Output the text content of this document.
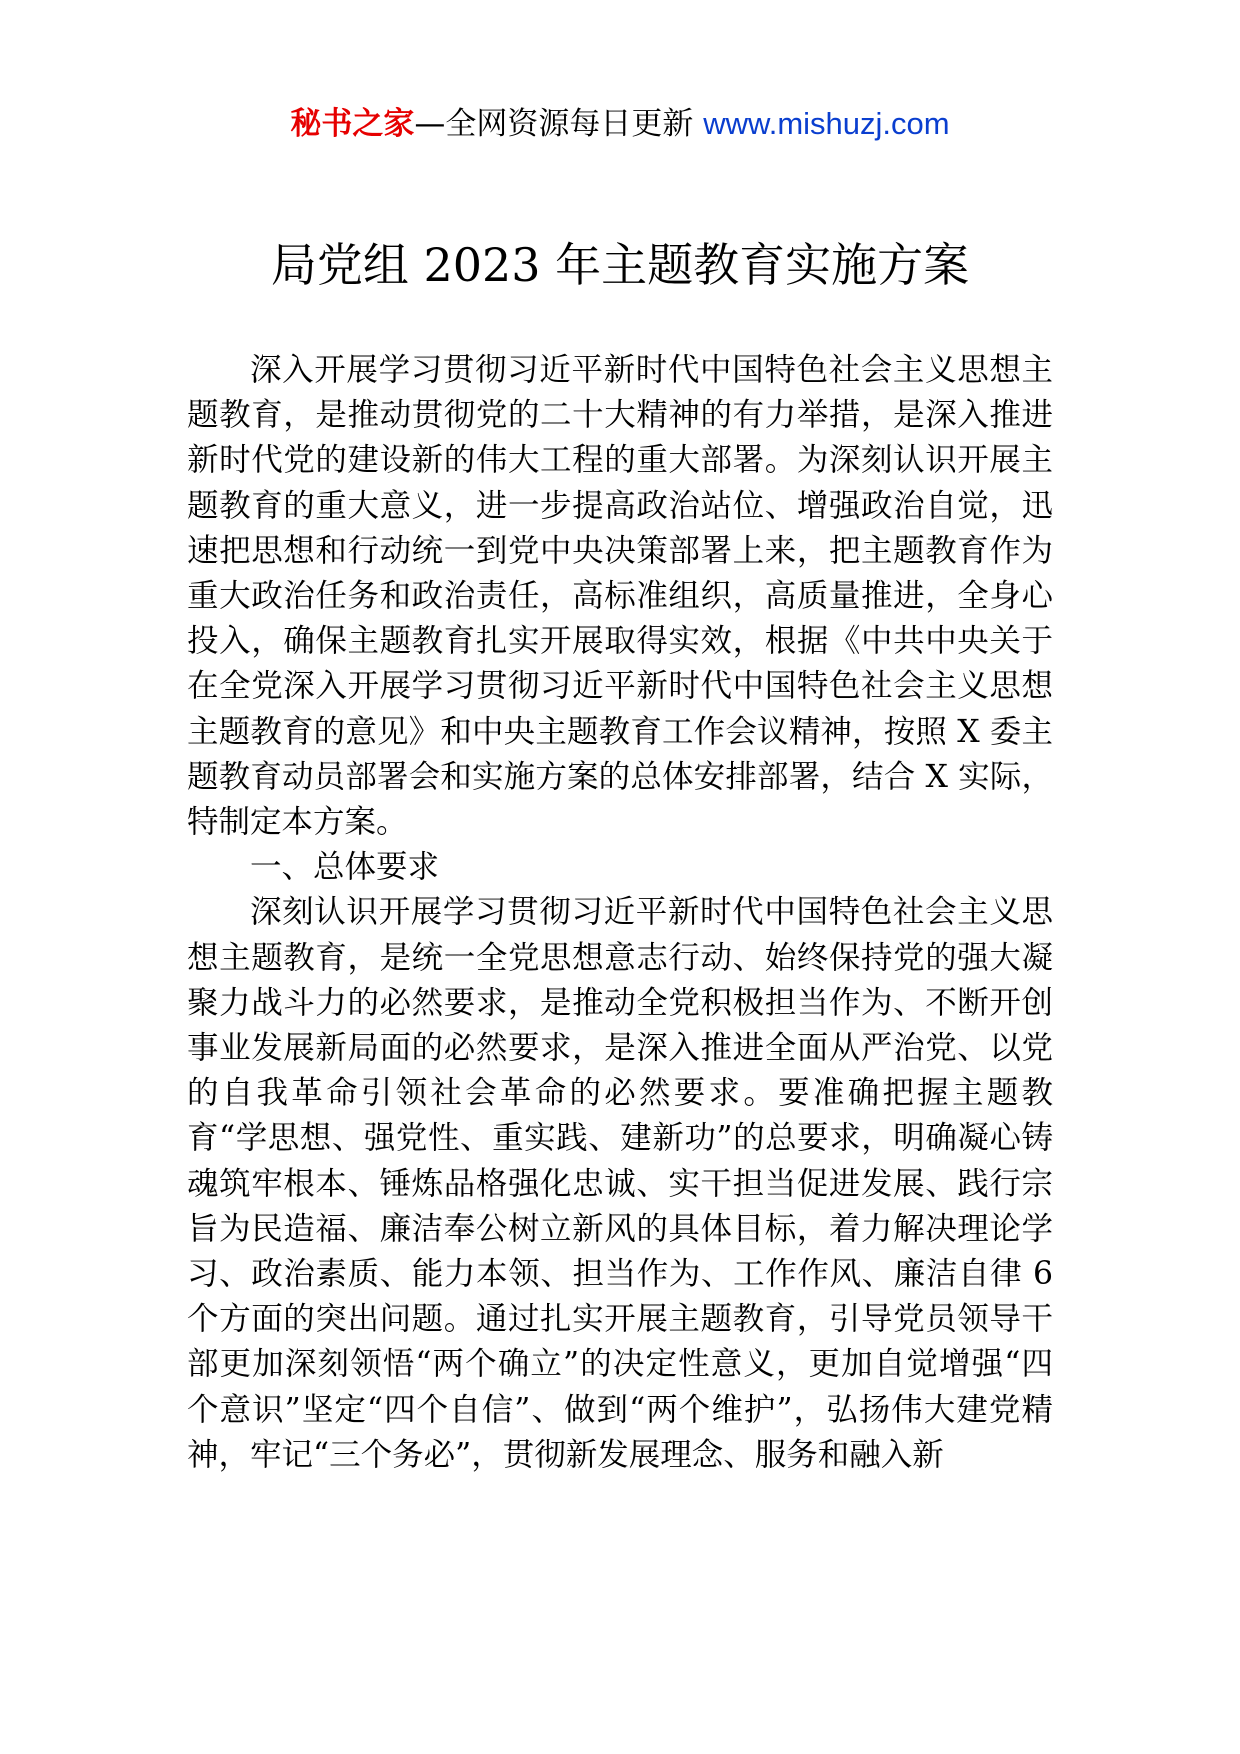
秘书之家—全网资源每日更新 www.mishuzj.com
局党组 2023 年主题教育实施方案

深入开展学习贯彻习近平新时代中国特色社会主义思想主题教育，是推动贯彻党的二十大精神的有力举措，是深入推进新时代党的建设新的伟大工程的重大部署。为深刻认识开展主题教育的重大意义，进一步提高政治站位、增强政治自觉，迅速把思想和行动统一到党中央决策部署上来，把主题教育作为重大政治任务和政治责任，高标准组织，高质量推进，全身心投入，确保主题教育扎实开展取得实效，根据《中共中央关于在全党深入开展学习贯彻习近平新时代中国特色社会主义思想主题教育的意见》和中央主题教育工作会议精神，按照 X 委主题教育动员部署会和实施方案的总体安排部署，结合 X 实际，特制定本方案。

一、总体要求

深刻认识开展学习贯彻习近平新时代中国特色社会主义思想主题教育，是统一全党思想意志行动、始终保持党的强大凝聚力战斗力的必然要求，是推动全党积极担当作为、不断开创事业发展新局面的必然要求，是深入推进全面从严治党、以党的自我革命引领社会革命的必然要求。要准确把握主题教育“学思想、强党性、重实践、建新功”的总要求，明确凝心铸魂筑牢根本、锤炼品格强化忠诚、实干担当促进发展、践行宗旨为民造福、廉洁奉公树立新风的具体目标，着力解决理论学习、政治素质、能力本领、担当作为、工作作风、廉洁自律 6 个方面的突出问题。通过扎实开展主题教育，引导党员领导干部更加深刻领悟“两个确立”的决定性意义，更加自觉增强“四个意识”坚定“四个自信”、做到“两个维护”，弘扬伟大建党精神，牢记“三个务必”，贯彻新发展理念、服务和融入新
